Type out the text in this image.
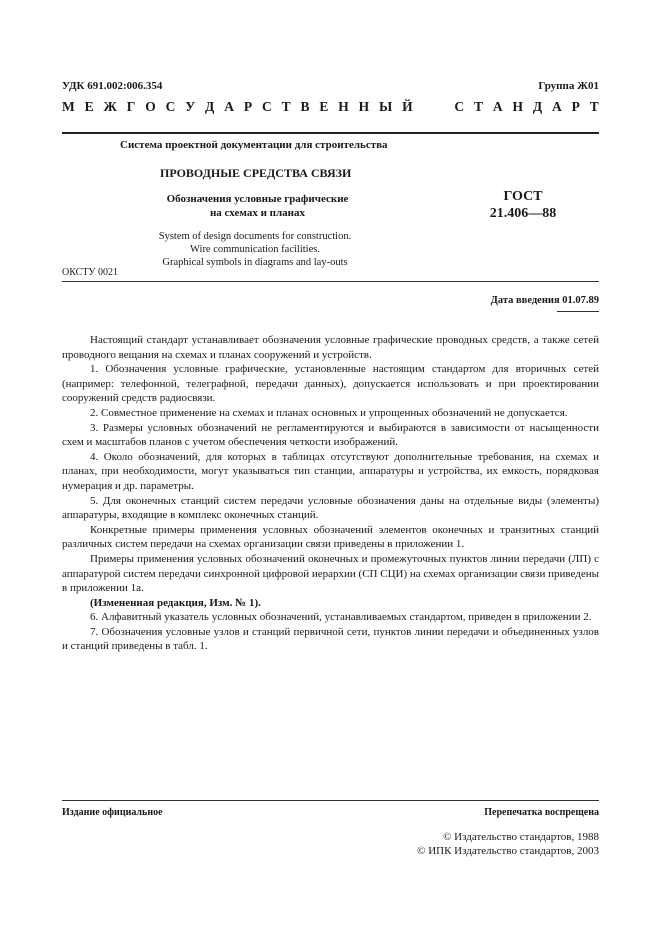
УДК 691.002:006.354	Группа Ж01
М Е Ж Г О С У Д А Р С Т В Е Н Н Ы Й	С Т А Н Д А Р Т
Система проектной документации для строительства
ПРОВОДНЫЕ СРЕДСТВА СВЯЗИ
Обозначения условные графические
на схемах и планах
ГОСТ
21.406—88
System of design documents for construction.
Wire communication facilities.
Graphical symbols in diagrams and lay-outs
ОКСТУ 0021
Дата введения 01.07.89

Настоящий стандарт устанавливает обозначения условные графические проводных средств, а также сетей проводного вещания на схемах и планах сооружений и устройств.

1. Обозначения условные графические, установленные настоящим стандартом для вторичных сетей (например: телефонной, телеграфной, передачи данных), допускается использовать и при проектировании сооружений средств радиосвязи.

2. Совместное применение на схемах и планах основных и упрощенных обозначений не допускается.

3. Размеры условных обозначений не регламентируются и выбираются в зависимости от насыщенности схем и масштабов планов с учетом обеспечения четкости изображений.

4. Около обозначений, для которых в таблицах отсутствуют дополнительные требования, на схемах и планах, при необходимости, могут указываться тип станции, аппаратуры и устройства, их емкость, порядковая нумерация и др. параметры.

5. Для оконечных станций систем передачи условные обозначения даны на отдельные виды (элементы) аппаратуры, входящие в комплекс оконечных станций.

Конкретные примеры применения условных обозначений элементов оконечных и транзитных станций различных систем передачи на схемах организации связи приведены в приложении 1.

Примеры применения условных обозначений оконечных и промежуточных пунктов линии передачи (ЛП) с аппаратурой систем передачи синхронной цифровой иерархии (СП СЦИ) на схемах организации связи приведены в приложении 1а.

(Измененная редакция, Изм. № 1).

6. Алфавитный указатель условных обозначений, устанавливаемых стандартом, приведен в приложении 2.

7. Обозначения условные узлов и станций первичной сети, пунктов линии передачи и объединенных узлов и станций приведены в табл. 1.

Издание официальное	Перепечатка воспрещена
© Издательство стандартов, 1988
© ИПК Издательство стандартов, 2003
